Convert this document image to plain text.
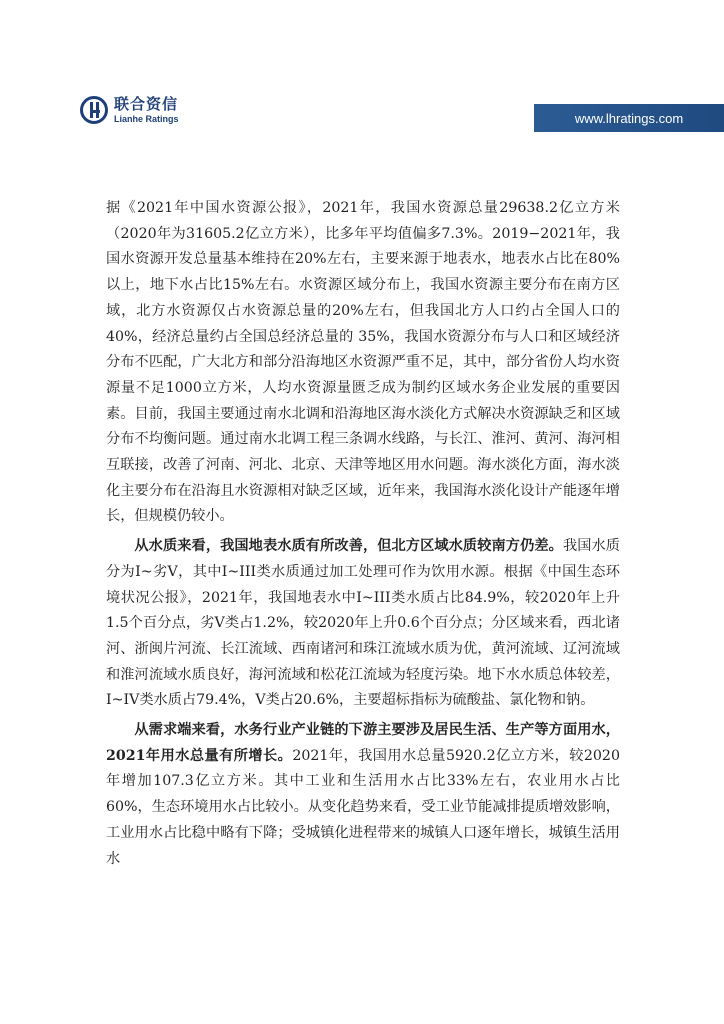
联合资信
Lianhe Ratings	www.lhratings.com

据《2021年中国水资源公报》，2021年，我国水资源总量29638.2亿立方米（2020年为31605.2亿立方米），比多年平均值偏多7.3%。2019−2021年，我国水资源开发总量基本维持在20%左右，主要来源于地表水，地表水占比在80%以上，地下水占比15%左右。水资源区域分布上，我国水资源主要分布在南方区域，北方水资源仅占水资源总量的20%左右，但我国北方人口约占全国人口的40%，经济总量约占全国总经济总量的 35%，我国水资源分布与人口和区域经济分布不匹配，广大北方和部分沿海地区水资源严重不足，其中，部分省份人均水资源量不足1000立方米，人均水资源量匮乏成为制约区域水务企业发展的重要因素。目前，我国主要通过南水北调和沿海地区海水淡化方式解决水资源缺乏和区域分布不均衡问题。通过南水北调工程三条调水线路，与长江、淮河、黄河、海河相互联接，改善了河南、河北、北京、天津等地区用水问题。海水淡化方面，海水淡化主要分布在沿海且水资源相对缺乏区域，近年来，我国海水淡化设计产能逐年增长，但规模仍较小。

从水质来看，我国地表水质有所改善，但北方区域水质较南方仍差。我国水质分为I~劣V，其中I~III类水质通过加工处理可作为饮用水源。根据《中国生态环境状况公报》，2021年，我国地表水中I~III类水质占比84.9%，较2020年上升1.5个百分点，劣V类占1.2%，较2020年上升0.6个百分点；分区域来看，西北诸河、浙闽片河流、长江流域、西南诸河和珠江流域水质为优，黄河流域、辽河流域和淮河流域水质良好，海河流域和松花江流域为轻度污染。地下水水质总体较差，I~IV类水质占79.4%，V类占20.6%，主要超标指标为硫酸盐、氯化物和钠。

从需求端来看，水务行业产业链的下游主要涉及居民生活、生产等方面用水，2021年用水总量有所增长。2021年，我国用水总量5920.2亿立方米，较2020年增加107.3亿立方米。其中工业和生活用水占比33%左右，农业用水占比60%，生态环境用水占比较小。从变化趋势来看，受工业节能减排提质增效影响，工业用水占比稳中略有下降；受城镇化进程带来的城镇人口逐年增长，城镇生活用水
